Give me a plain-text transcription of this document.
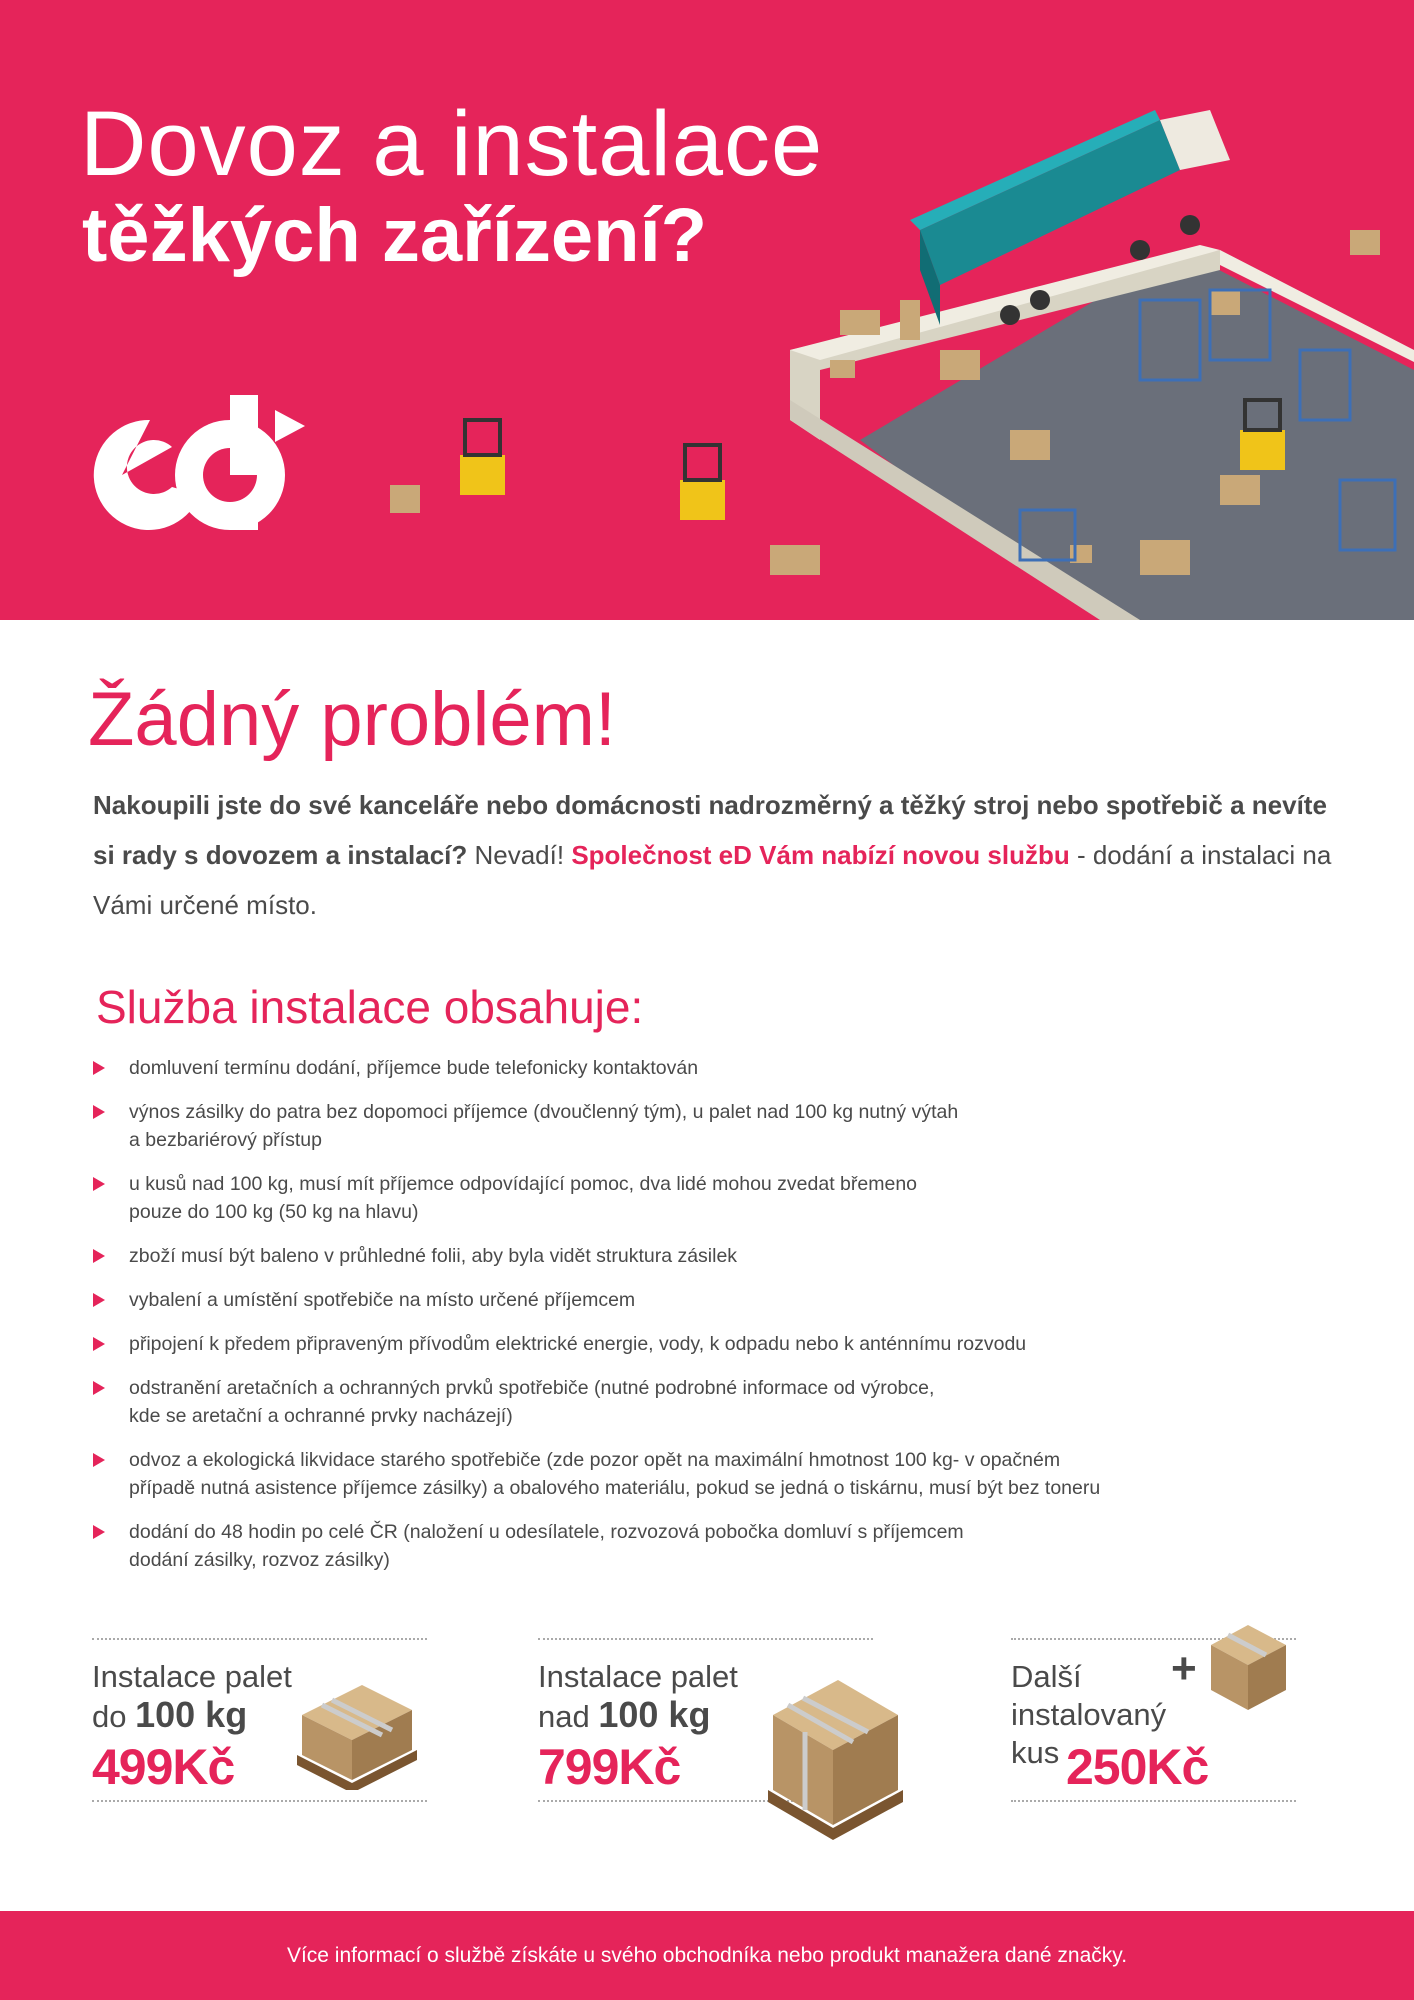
Dovoz a instalace
těžkých zařízení?
Žádný problém!

Nakoupili jste do své kanceláře nebo domácnosti nadrozměrný a těžký stroj nebo spotřebič a nevíte si rady s dovozem a instalací? Nevadí! Společnost eD Vám nabízí novou službu - dodání a instalaci na Vámi určené místo.

Služba instalace obsahuje:
domluvení termínu dodání, příjemce bude telefonicky kontaktován
výnos zásilky do patra bez dopomoci příjemce (dvoučlenný tým), u palet nad 100 kg nutný výtah
a bezbariérový přístup
u kusů nad 100 kg, musí mít příjemce odpovídající pomoc, dva lidé mohou zvedat břemeno
pouze do 100 kg (50 kg na hlavu)
zboží musí být baleno v průhledné folii, aby byla vidět struktura zásilek
vybalení a umístění spotřebiče na místo určené příjemcem
připojení k předem připraveným přívodům elektrické energie, vody, k odpadu nebo k anténnímu rozvodu
odstranění aretačních a ochranných prvků spotřebiče (nutné podrobné informace od výrobce,
kde se aretační a ochranné prvky nacházejí)
odvoz a ekologická likvidace starého spotřebiče (zde pozor opět na maximální hmotnost 100 kg- v opačném
případě nutná asistence příjemce zásilky) a obalového materiálu, pokud se jedná o tiskárnu, musí být bez toneru
dodání do 48 hodin po celé ČR (naložení u odesílatele, rozvozová pobočka domluví s příjemcem
dodání zásilky, rozvoz zásilky)
Instalace palet
do 100 kg
499Kč
Instalace palet
nad 100 kg
799Kč
Další
instalovaný
kus
+
250Kč
Více informací o službě získáte u svého obchodníka nebo produkt manažera dané značky.
